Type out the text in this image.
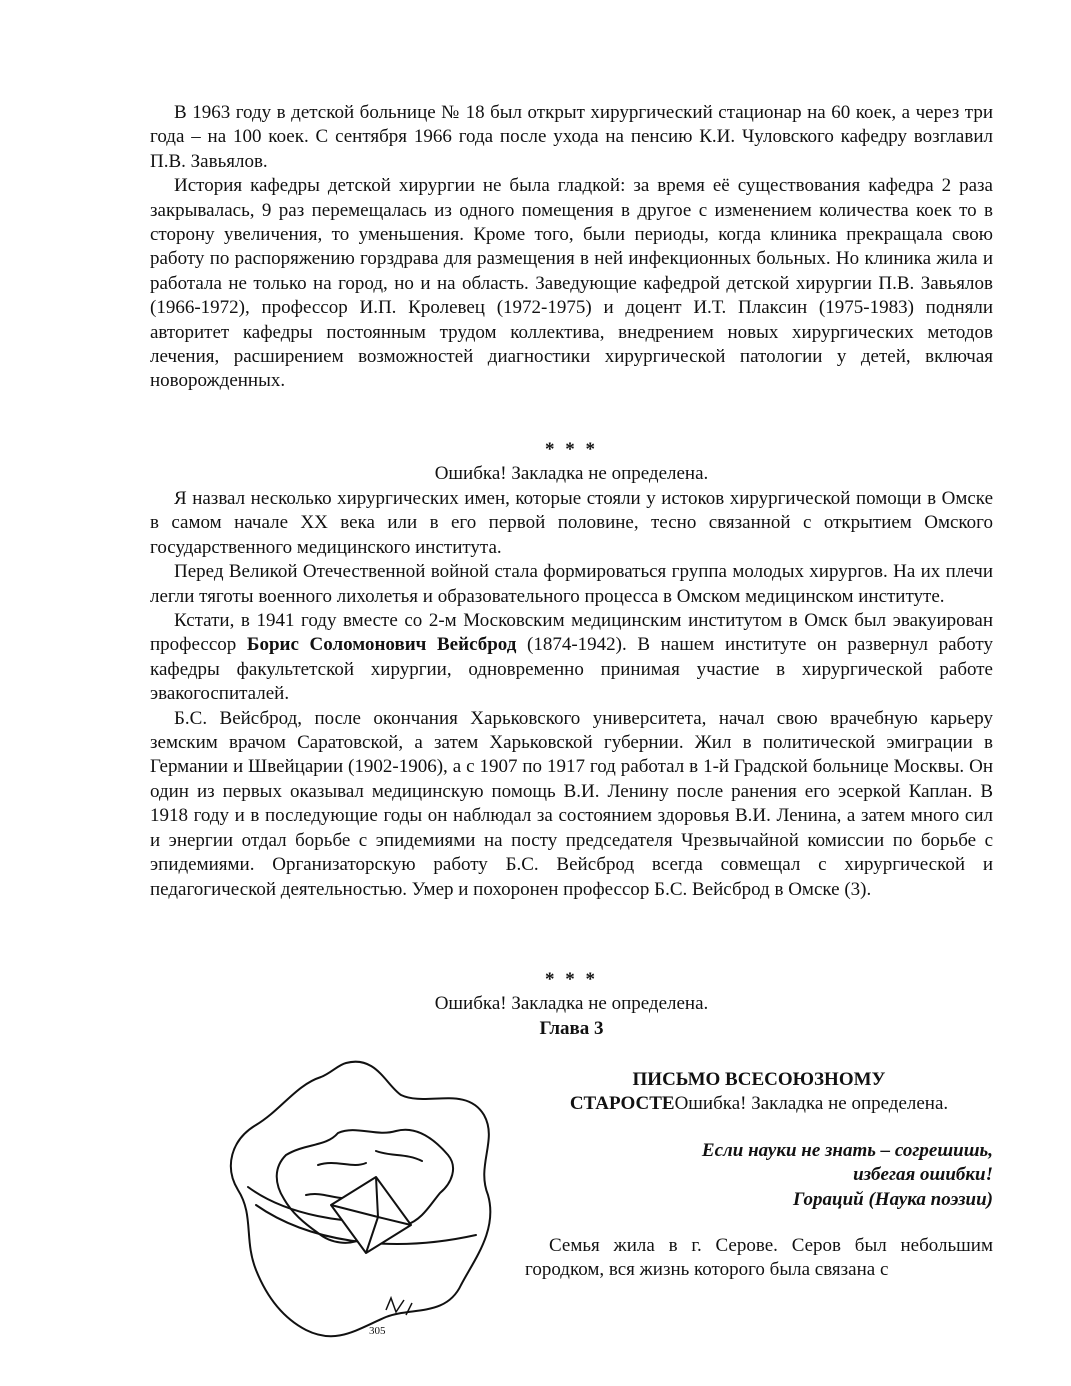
В 1963 году в детской больнице № 18 был открыт хирургический стационар на 60 коек, а через три года – на 100 коек. С сентября 1966 года после ухода на пенсию К.И. Чуловского кафедру возглавил П.В. Завьялов.

История кафедры детской хирургии не была гладкой: за время её существования кафедра 2 раза закрывалась, 9 раз перемещалась из одного помещения в другое с изменением количества коек то в сторону увеличения, то уменьшения. Кроме того, были периоды, когда клиника прекращала свою работу по распоряжению горздрава для размещения в ней инфекционных больных. Но клиника жила и работала не только на город, но и на область. Заведующие кафедрой детской хирургии П.В. Завьялов (1966-1972), профессор И.П. Кролевец (1972-1975) и доцент И.Т. Плаксин (1975-1983) подняли авторитет кафедры постоянным трудом коллектива, внедрением новых хирургических методов лечения, расширением возможностей диагностики хирургической патологии у детей, включая новорожденных.

* * *

Ошибка! Закладка не определена.

Я назвал несколько хирургических имен, которые стояли у истоков хирургической помощи в Омске в самом начале XX века или в его первой половине, тесно связанной с открытием Омского государственного медицинского института.

Перед Великой Отечественной войной стала формироваться группа молодых хирургов. На их плечи легли тяготы военного лихолетья и образовательного процесса в Омском медицинском институте.

Кстати, в 1941 году вместе со 2-м Московским медицинским институтом в Омск был эвакуирован профессор Борис Соломонович Вейсброд (1874-1942). В нашем институте он развернул работу кафедры факультетской хирургии, одновременно принимая участие в хирургической работе эвакогоспиталей.

Б.С. Вейсброд, после окончания Харьковского университета, начал свою врачебную карьеру земским врачом Саратовской, а затем Харьковской губернии. Жил в политической эмиграции в Германии и Швейцарии (1902-1906), а с 1907 по 1917 год работал в 1-й Градской больнице Москвы. Он один из первых оказывал медицинскую помощь В.И. Ленину после ранения его эсеркой Каплан. В 1918 году и в последующие годы он наблюдал за состоянием здоровья В.И. Ленина, а затем много сил и энергии отдал борьбе с эпидемиями на посту председателя Чрезвычайной комиссии по борьбе с эпидемиями. Организаторскую работу Б.С. Вейсброд всегда совмещал с хирургической и педагогической деятельностью. Умер и похоронен профессор Б.С. Вейсброд в Омске (3).

* * *

Ошибка! Закладка не определена.

Глава 3

305

ПИСЬМО ВСЕСОЮЗНОМУ

СТАРОСТЕОшибка! Закладка не определена.

Если науки не знать – согрешишь,

избегая ошибки!

Гораций (Наука поэзии)

Семья жила в г. Серове. Серов был небольшим городком, вся жизнь которого была связана с
